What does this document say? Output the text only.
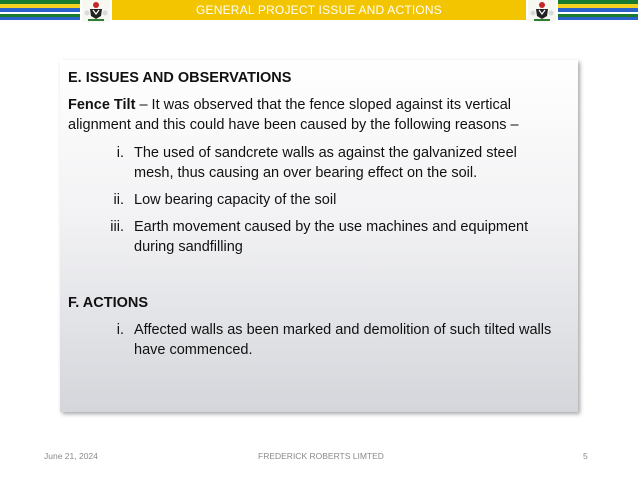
GENERAL PROJECT ISSUE AND ACTIONS

E. ISSUES AND OBSERVATIONS

Fence Tilt – It was observed that the fence sloped against its vertical alignment and this could have been caused by the following reasons –

i. The used of sandcrete walls as against the galvanized steel mesh, thus causing an over bearing effect on the soil.
ii. Low bearing capacity of the soil
iii. Earth movement caused by the use machines and equipment during sandfilling

F. ACTIONS

i. Affected walls as been marked and demolition of such tilted walls have commenced.
June 21, 2024	FREDERICK ROBERTS LIMTED	5
